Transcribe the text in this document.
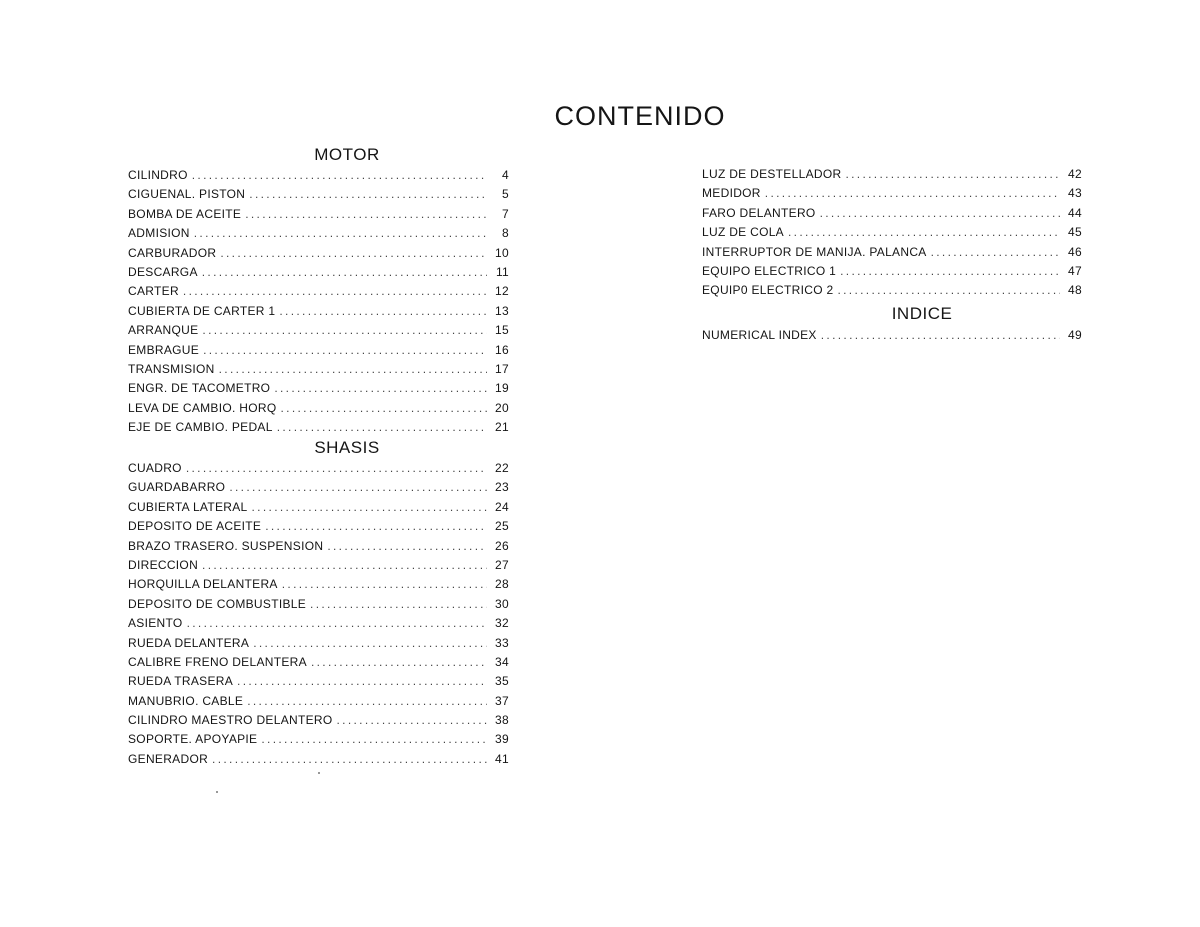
CONTENIDO
MOTOR
CILINDRO . . .	4
CIGUENAL. PISTON . . .	5
BOMBA DE ACEITE . . .	7
ADMISION . . .	8
CARBURADOR . . .	10
DESCARGA . . .	11
CARTER . . .	12
CUBIERTA DE CARTER 1 . . .	13
ARRANQUE . . .	15
EMBRAGUE . . .	16
TRANSMISION . . .	17
ENGR. DE TACOMETRO . . .	19
LEVA DE CAMBIO. HORQ . . .	20
EJE DE CAMBIO. PEDAL . . .	21
SHASIS
CUADRO . . .	22
GUARDABARRO . . .	23
CUBIERTA LATERAL . . .	24
DEPOSITO DE ACEITE . . .	25
BRAZO TRASERO. SUSPENSION . . .	26
DIRECCION . . .	27
HORQUILLA DELANTERA . . .	28
DEPOSITO DE COMBUSTIBLE . . .	30
ASIENTO . . .	32
RUEDA DELANTERA . . .	33
CALIBRE FRENO DELANTERA . . .	34
RUEDA TRASERA . . .	35
MANUBRIO. CABLE . . .	37
CILINDRO MAESTRO DELANTERO . . .	38
SOPORTE. APOYAPIE . . .	39
GENERADOR . . .	41
LUZ DE DESTELLADOR . . .	42
MEDIDOR . . .	43
FARO DELANTERO . . .	44
LUZ DE COLA . . .	45
INTERRUPTOR DE MANIJA. PALANCA . . .	46
EQUIPO ELECTRICO 1 . . .	47
EQUIP0 ELECTRICO 2 . . .	48
INDICE
NUMERICAL INDEX . . .	49
